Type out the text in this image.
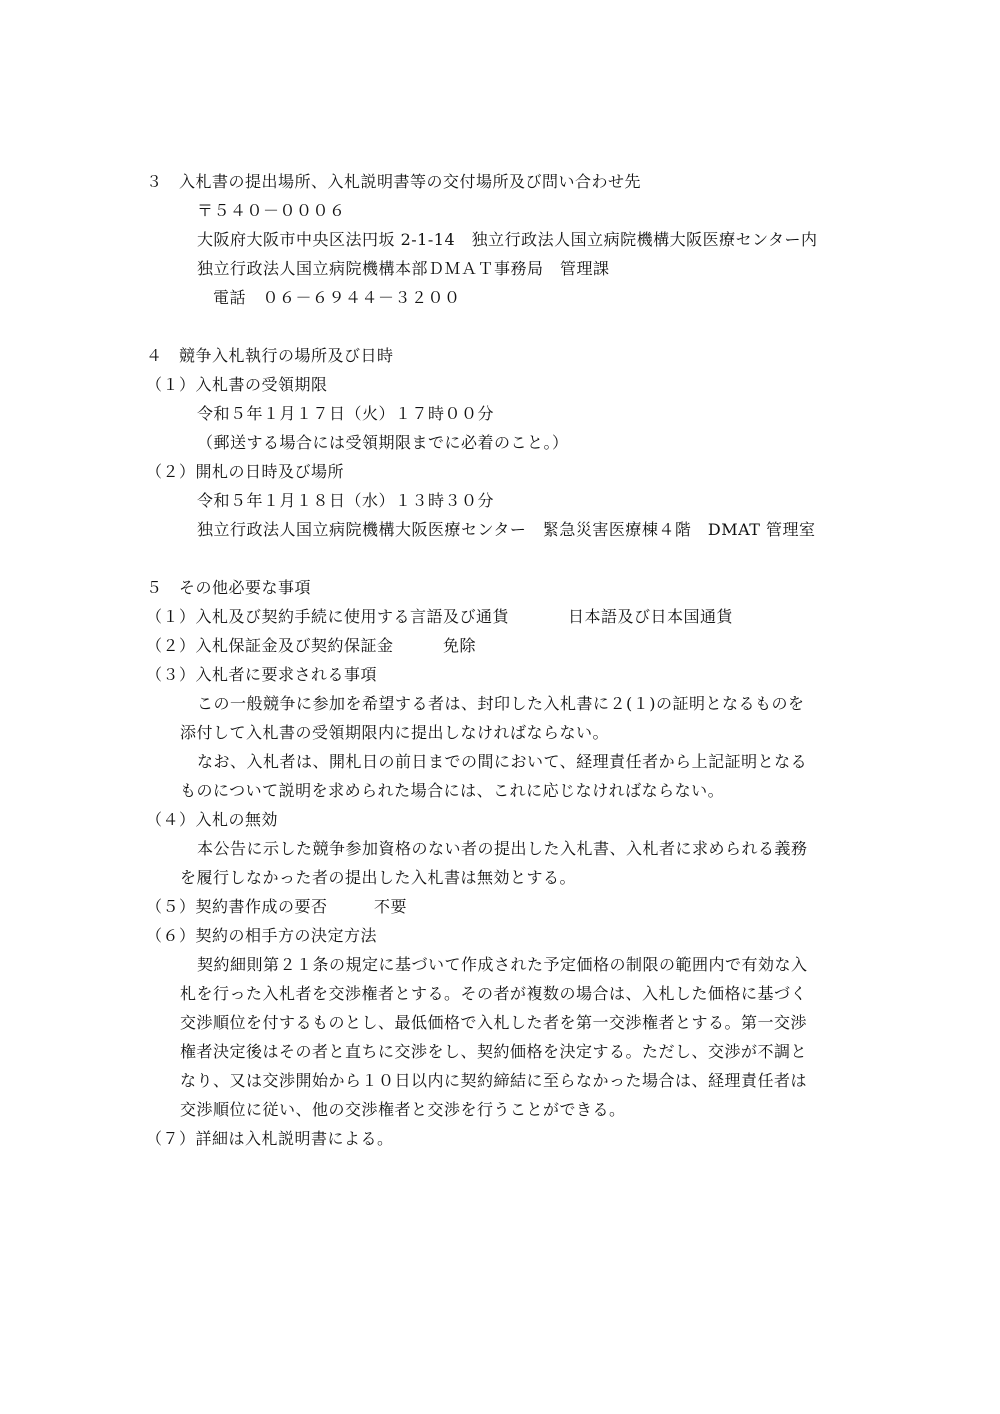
３　入札書の提出場所、入札説明書等の交付場所及び問い合わせ先
〒５４０－０００６
大阪府大阪市中央区法円坂 2-1-14　独立行政法人国立病院機構大阪医療センター内
独立行政法人国立病院機構本部ＤＭＡＴ事務局　管理課
電話　０６－６９４４－３２００
４　競争入札執行の場所及び日時
（１）入札書の受領期限
令和５年１月１７日（火）１７時００分
（郵送する場合には受領期限までに必着のこと。）
（２）開札の日時及び場所
令和５年１月１８日（水）１３時３０分
独立行政法人国立病院機構大阪医療センター　緊急災害医療棟４階　DMAT 管理室
５　その他必要な事項
（１）入札及び契約手続に使用する言語及び通貨	日本語及び日本国通貨
（２）入札保証金及び契約保証金	免除
（３）入札者に要求される事項
この一般競争に参加を希望する者は、封印した入札書に２(１)の証明となるものを
添付して入札書の受領期限内に提出しなければならない。
なお、入札者は、開札日の前日までの間において、経理責任者から上記証明となる
ものについて説明を求められた場合には、これに応じなければならない。
（４）入札の無効
本公告に示した競争参加資格のない者の提出した入札書、入札者に求められる義務
を履行しなかった者の提出した入札書は無効とする。
（５）契約書作成の要否	不要
（６）契約の相手方の決定方法
契約細則第２１条の規定に基づいて作成された予定価格の制限の範囲内で有効な入
札を行った入札者を交渉権者とする。その者が複数の場合は、入札した価格に基づく
交渉順位を付するものとし、最低価格で入札した者を第一交渉権者とする。第一交渉
権者決定後はその者と直ちに交渉をし、契約価格を決定する。ただし、交渉が不調と
なり、又は交渉開始から１０日以内に契約締結に至らなかった場合は、経理責任者は
交渉順位に従い、他の交渉権者と交渉を行うことができる。
（７）詳細は入札説明書による。
